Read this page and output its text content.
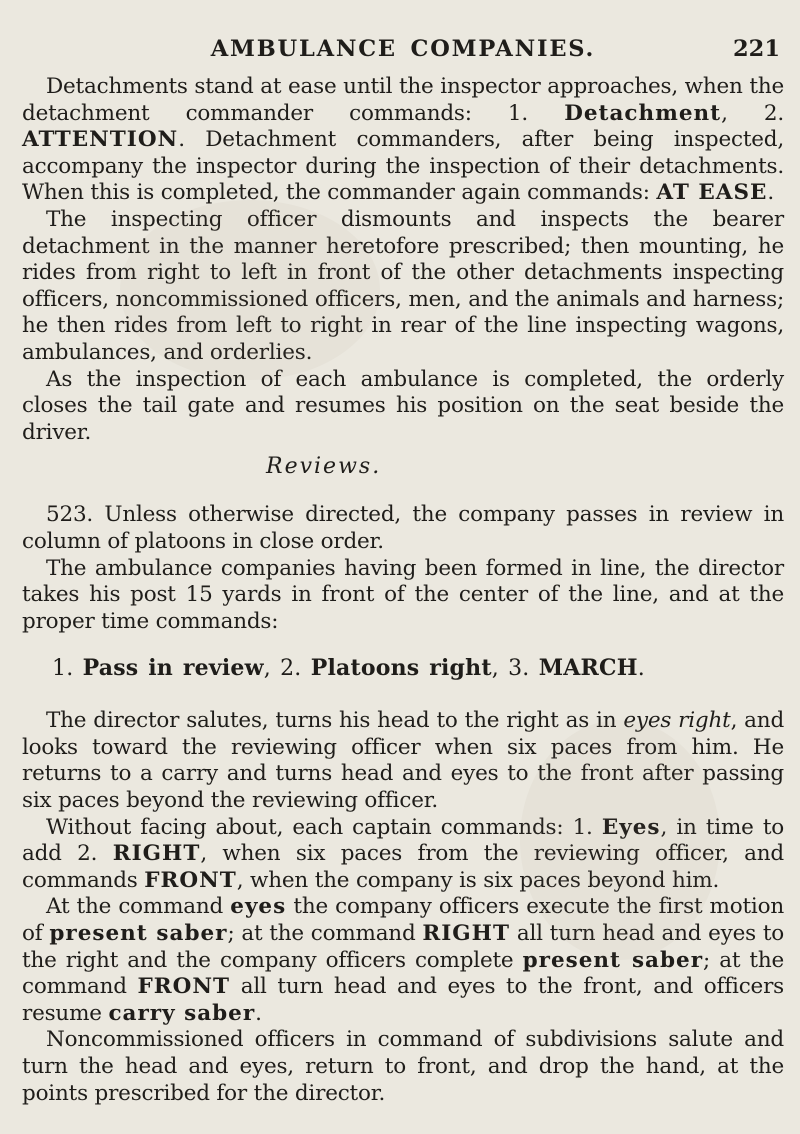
AMBULANCE COMPANIES.	221

Detachments stand at ease until the inspector approaches, when the detachment commander commands: 1. Detachment, 2. ATTENTION. Detachment commanders, after being inspected, accompany the inspector during the inspection of their detachments. When this is completed, the commander again commands: AT EASE.

The inspecting officer dismounts and inspects the bearer detachment in the manner heretofore prescribed; then mounting, he rides from right to left in front of the other detachments inspecting officers, noncommissioned officers, men, and the animals and harness; he then rides from left to right in rear of the line inspecting wagons, ambulances, and orderlies.

As the inspection of each ambulance is completed, the orderly closes the tail gate and resumes his position on the seat beside the driver.

Reviews.

523. Unless otherwise directed, the company passes in review in column of platoons in close order.

The ambulance companies having been formed in line, the director takes his post 15 yards in front of the center of the line, and at the proper time commands:

1. Pass in review, 2. Platoons right, 3. MARCH.

The director salutes, turns his head to the right as in eyes right, and looks toward the reviewing officer when six paces from him. He returns to a carry and turns head and eyes to the front after passing six paces beyond the reviewing officer.

Without facing about, each captain commands: 1. Eyes, in time to add 2. RIGHT, when six paces from the reviewing officer, and commands FRONT, when the company is six paces beyond him.

At the command eyes the company officers execute the first motion of present saber; at the command RIGHT all turn head and eyes to the right and the company officers complete present saber; at the command FRONT all turn head and eyes to the front, and officers resume carry saber.

Noncommissioned officers in command of subdivisions salute and turn the head and eyes, return to front, and drop the hand, at the points prescribed for the director.
